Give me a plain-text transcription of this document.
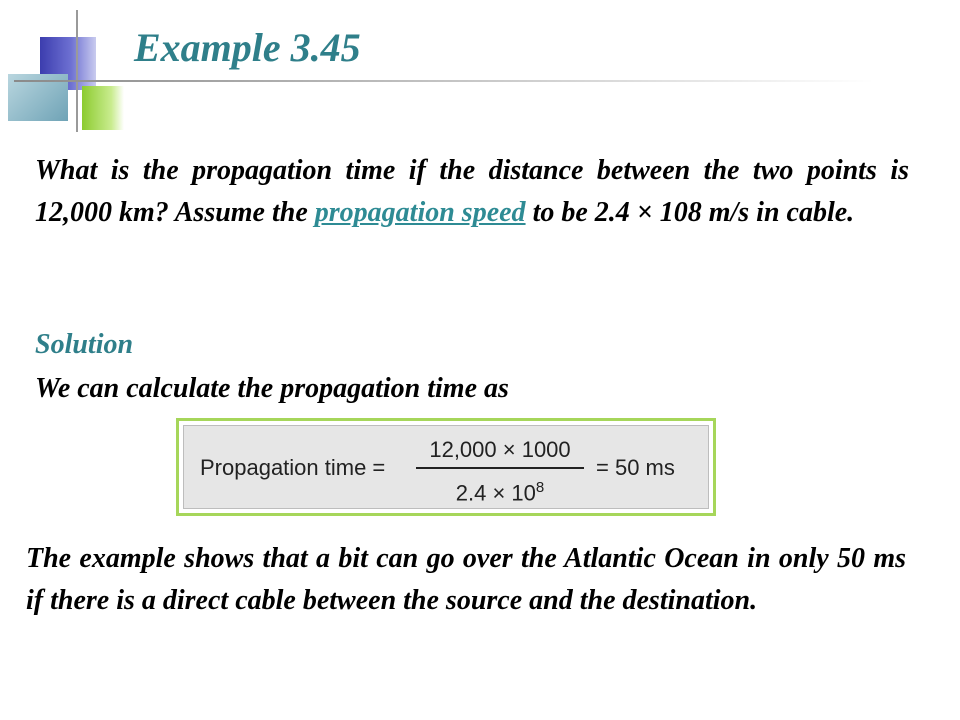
Example 3.45

What is the propagation time if the distance between the two points is 12,000 km? Assume the propagation speed to be 2.4 × 108 m/s in cable.

Solution

We can calculate the propagation time as

Propagation time =
12,000 × 1000
$2.4 \times 10^8$
= 50 ms

The example shows that a bit can go over the Atlantic Ocean in only 50 ms if there is a direct cable between the source and the destination.
